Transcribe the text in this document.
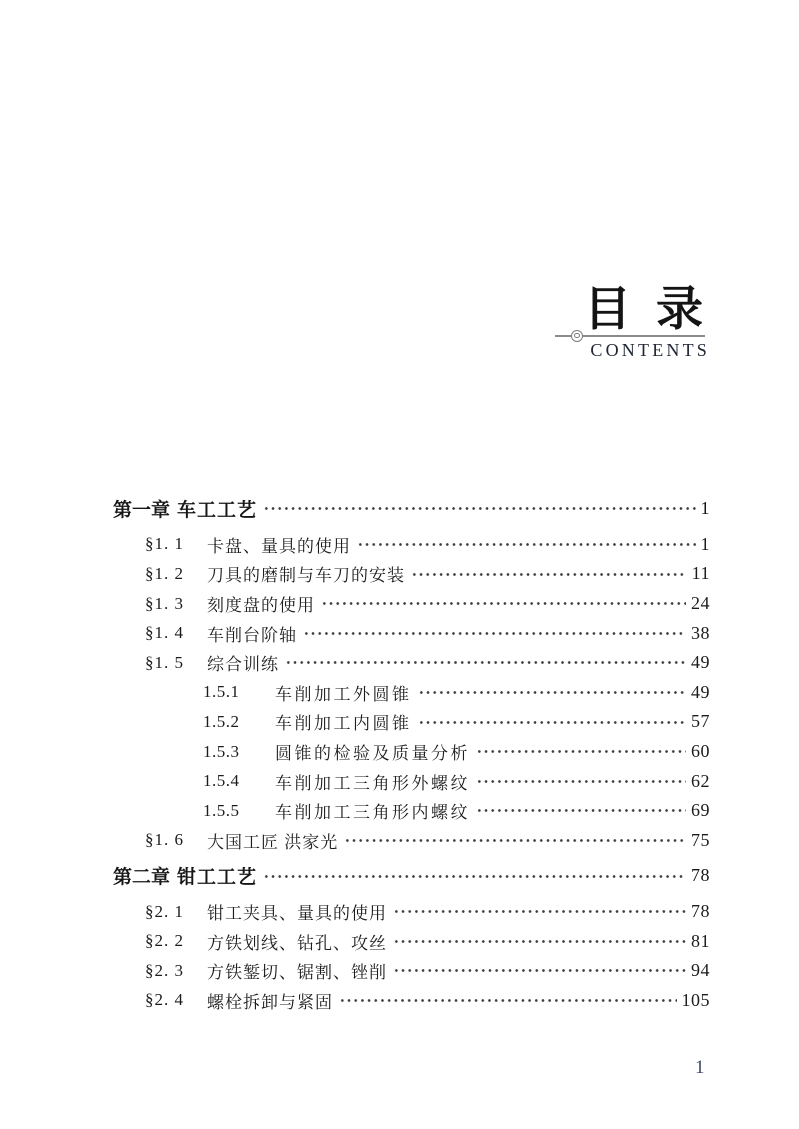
目 录
CONTENTS
第一章 车工工艺	1
§1. 1	卡盘、量具的使用	1
§1. 2	刀具的磨制与车刀的安装	11
§1. 3	刻度盘的使用	24
§1. 4	车削台阶轴	38
§1. 5	综合训练	49
1.5.1	车削加工外圆锥	49
1.5.2	车削加工内圆锥	57
1.5.3	圆锥的检验及质量分析	60
1.5.4	车削加工三角形外螺纹	62
1.5.5	车削加工三角形内螺纹	69
§1. 6	大国工匠 洪家光	75
第二章 钳工工艺	78
§2. 1	钳工夹具、量具的使用	78
§2. 2	方铁划线、钻孔、攻丝	81
§2. 3	方铁錾切、锯割、锉削	94
§2. 4	螺栓拆卸与紧固	105
1
